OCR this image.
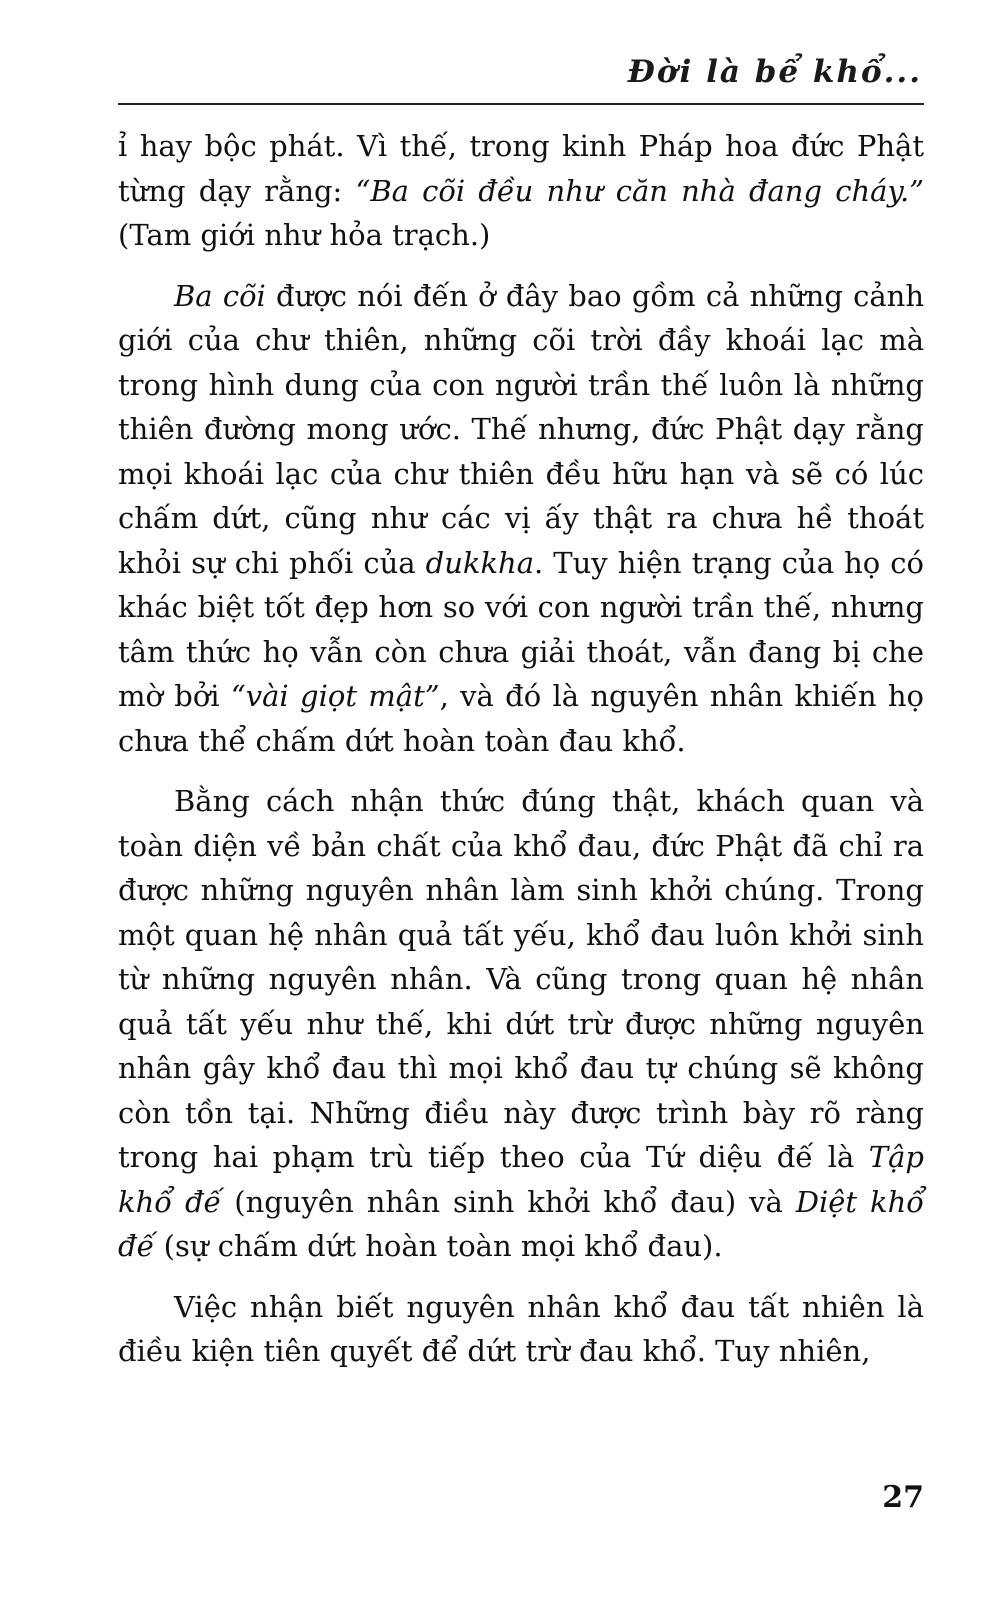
Đời là bể khổ...

ỉ hay bộc phát. Vì thế, trong kinh Pháp hoa đức Phật từng dạy rằng: “Ba cõi đều như căn nhà đang cháy.” (Tam giới như hỏa trạch.)

Ba cõi được nói đến ở đây bao gồm cả những cảnh giới của chư thiên, những cõi trời đầy khoái lạc mà trong hình dung của con người trần thế luôn là những thiên đường mong ước. Thế nhưng, đức Phật dạy rằng mọi khoái lạc của chư thiên đều hữu hạn và sẽ có lúc chấm dứt, cũng như các vị ấy thật ra chưa hề thoát khỏi sự chi phối của dukkha. Tuy hiện trạng của họ có khác biệt tốt đẹp hơn so với con người trần thế, nhưng tâm thức họ vẫn còn chưa giải thoát, vẫn đang bị che mờ bởi “vài giọt mật”, và đó là nguyên nhân khiến họ chưa thể chấm dứt hoàn toàn đau khổ.

Bằng cách nhận thức đúng thật, khách quan và toàn diện về bản chất của khổ đau, đức Phật đã chỉ ra được những nguyên nhân làm sinh khởi chúng. Trong một quan hệ nhân quả tất yếu, khổ đau luôn khởi sinh từ những nguyên nhân. Và cũng trong quan hệ nhân quả tất yếu như thế, khi dứt trừ được những nguyên nhân gây khổ đau thì mọi khổ đau tự chúng sẽ không còn tồn tại. Những điều này được trình bày rõ ràng trong hai phạm trù tiếp theo của Tứ diệu đế là Tập khổ đế (nguyên nhân sinh khởi khổ đau) và Diệt khổ đế (sự chấm dứt hoàn toàn mọi khổ đau).

Việc nhận biết nguyên nhân khổ đau tất nhiên là điều kiện tiên quyết để dứt trừ đau khổ. Tuy nhiên,

27
